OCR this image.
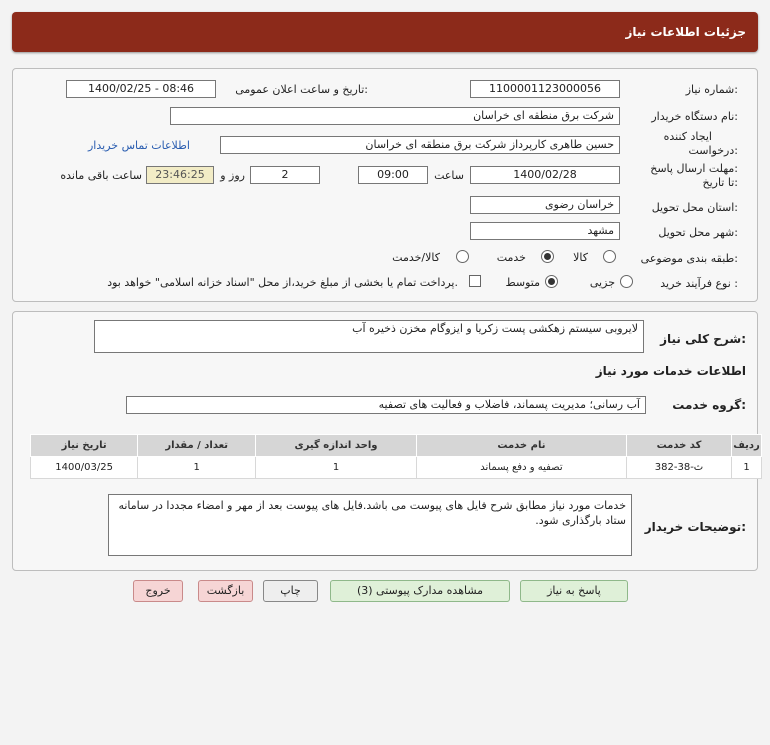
جزئیات اطلاعات نیاز
شماره نیاز:
1100001123000056
تاریخ و ساعت اعلان عمومی:
1400/02/25 - 08:46
نام دستگاه خریدار:
شرکت برق منطقه ای خراسان
ایجاد کننده
درخواست:
حسین طاهری کارپرداز شرکت برق منطقه ای خراسان
اطلاعات تماس خریدار
مهلت ارسال پاسخ:
تا تاریخ:
1400/02/28
ساعت
09:00
2
روز و
23:46:25
ساعت باقی مانده
استان محل تحویل:
خراسان رضوی
شهر محل تحویل:
مشهد
طبقه بندی موضوعی:
کالا
خدمت
کالا/خدمت
نوع فرآیند خرید :
جزیی
متوسط
پرداخت تمام یا بخشی از مبلغ خرید،از محل "اسناد خزانه اسلامی" خواهد بود.

شرح کلی نیاز:
لایروبی سیستم زهکشی پست زکریا و ایزوگام مخزن ذخیره آب
اطلاعات خدمات مورد نیاز
گروه خدمت:
آب رسانی؛ مدیریت پسماند، فاضلاب و فعالیت های تصفیه
ردیف	کد خدمت	نام خدمت	واحد اندازه گیری	تعداد / مقدار	تاریخ نیاز
1	ث-38-382	تصفیه و دفع پسماند	1	1	1400/03/25
توضیحات خریدار:
خدمات مورد نیاز مطابق شرح فایل های پیوست می باشد.فایل های پیوست بعد از مهر و امضاء مجددا در سامانه ستاد بارگذاری شود.
پاسخ به نیاز
مشاهده مدارک پیوستی (3)
چاپ
بازگشت
خروج
